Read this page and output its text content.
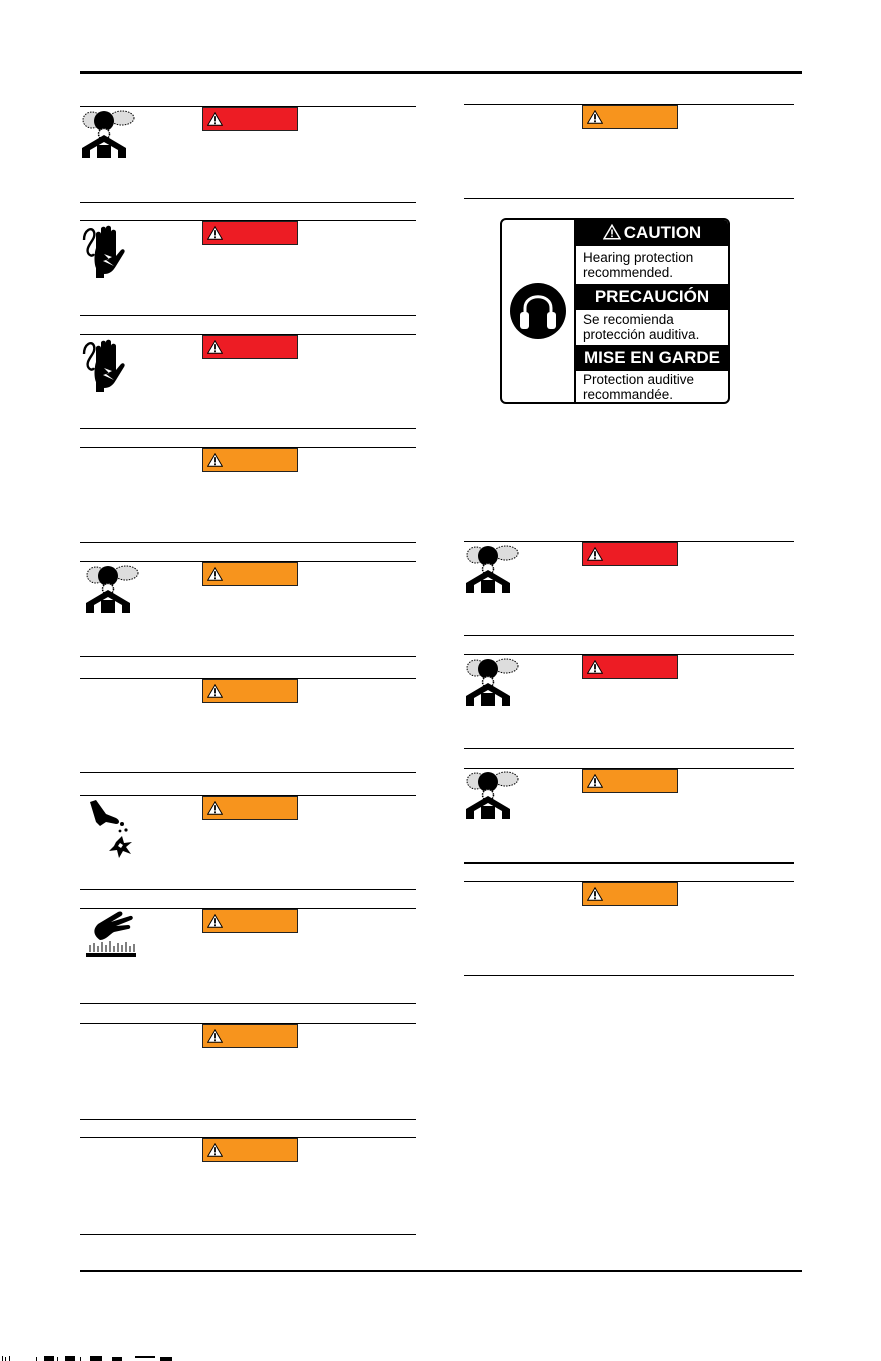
CAUTION
Hearing protection
recommended.
PRECAUCIÓN
Se recomienda
protección auditiva.
MISE EN GARDE
Protection auditive
recommandée.
